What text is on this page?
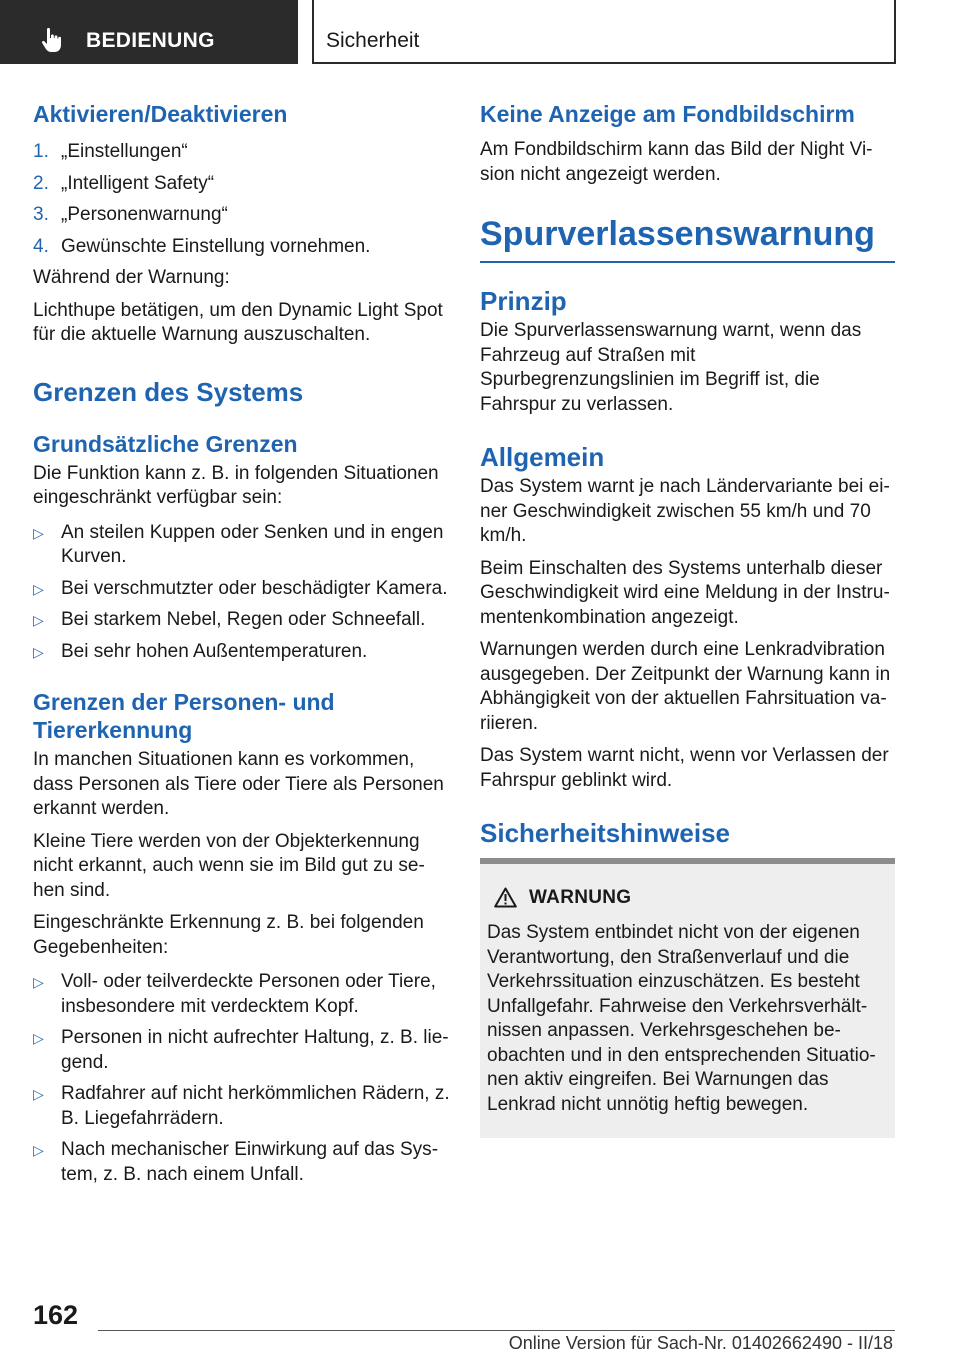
BEDIENUNG	Sicherheit
Aktivieren/Deaktivieren
1. „Einstellungen“
2. „Intelligent Safety“
3. „Personenwarnung“
4. Gewünschte Einstellung vornehmen.
Während der Warnung:
Lichthupe betätigen, um den Dynamic Light Spot für die aktuelle Warnung auszuschalten.
Grenzen des Systems
Grundsätzliche Grenzen
Die Funktion kann z. B. in folgenden Situationen eingeschränkt verfügbar sein:
▷ An steilen Kuppen oder Senken und in engen Kurven.
▷ Bei verschmutzter oder beschädigter Kamera.
▷ Bei starkem Nebel, Regen oder Schneefall.
▷ Bei sehr hohen Außentemperaturen.
Grenzen der Personen- und Tiererkennung
In manchen Situationen kann es vorkommen, dass Personen als Tiere oder Tiere als Personen erkannt werden.
Kleine Tiere werden von der Objekterkennung nicht erkannt, auch wenn sie im Bild gut zu sehen sind.
Eingeschränkte Erkennung z. B. bei folgenden Gegebenheiten:
▷ Voll- oder teilverdeckte Personen oder Tiere, insbesondere mit verdecktem Kopf.
▷ Personen in nicht aufrechter Haltung, z. B. liegend.
▷ Radfahrer auf nicht herkömmlichen Rädern, z. B. Liegefahrrädern.
▷ Nach mechanischer Einwirkung auf das System, z. B. nach einem Unfall.
Keine Anzeige am Fondbildschirm
Am Fondbildschirm kann das Bild der Night Vision nicht angezeigt werden.
Spurverlassenswarnung
Prinzip
Die Spurverlassenswarnung warnt, wenn das Fahrzeug auf Straßen mit Spurbegrenzungslinien im Begriff ist, die Fahrspur zu verlassen.
Allgemein
Das System warnt je nach Ländervariante bei einer Geschwindigkeit zwischen 55 km/h und 70 km/h.
Beim Einschalten des Systems unterhalb dieser Geschwindigkeit wird eine Meldung in der Instrumentenkombination angezeigt.
Warnungen werden durch eine Lenkradvibration ausgegeben. Der Zeitpunkt der Warnung kann in Abhängigkeit von der aktuellen Fahrsituation variieren.
Das System warnt nicht, wenn vor Verlassen der Fahrspur geblinkt wird.
Sicherheitshinweise
WARNUNG
Das System entbindet nicht von der eigenen Verantwortung, den Straßenverlauf und die Verkehrssituation einzuschätzen. Es besteht Unfallgefahr. Fahrweise den Verkehrsverhältnissen anpassen. Verkehrsgeschehen beobachten und in den entsprechenden Situationen aktiv eingreifen. Bei Warnungen das Lenkrad nicht unnötig heftig bewegen.
162
Online Version für Sach-Nr. 01402662490 - II/18
